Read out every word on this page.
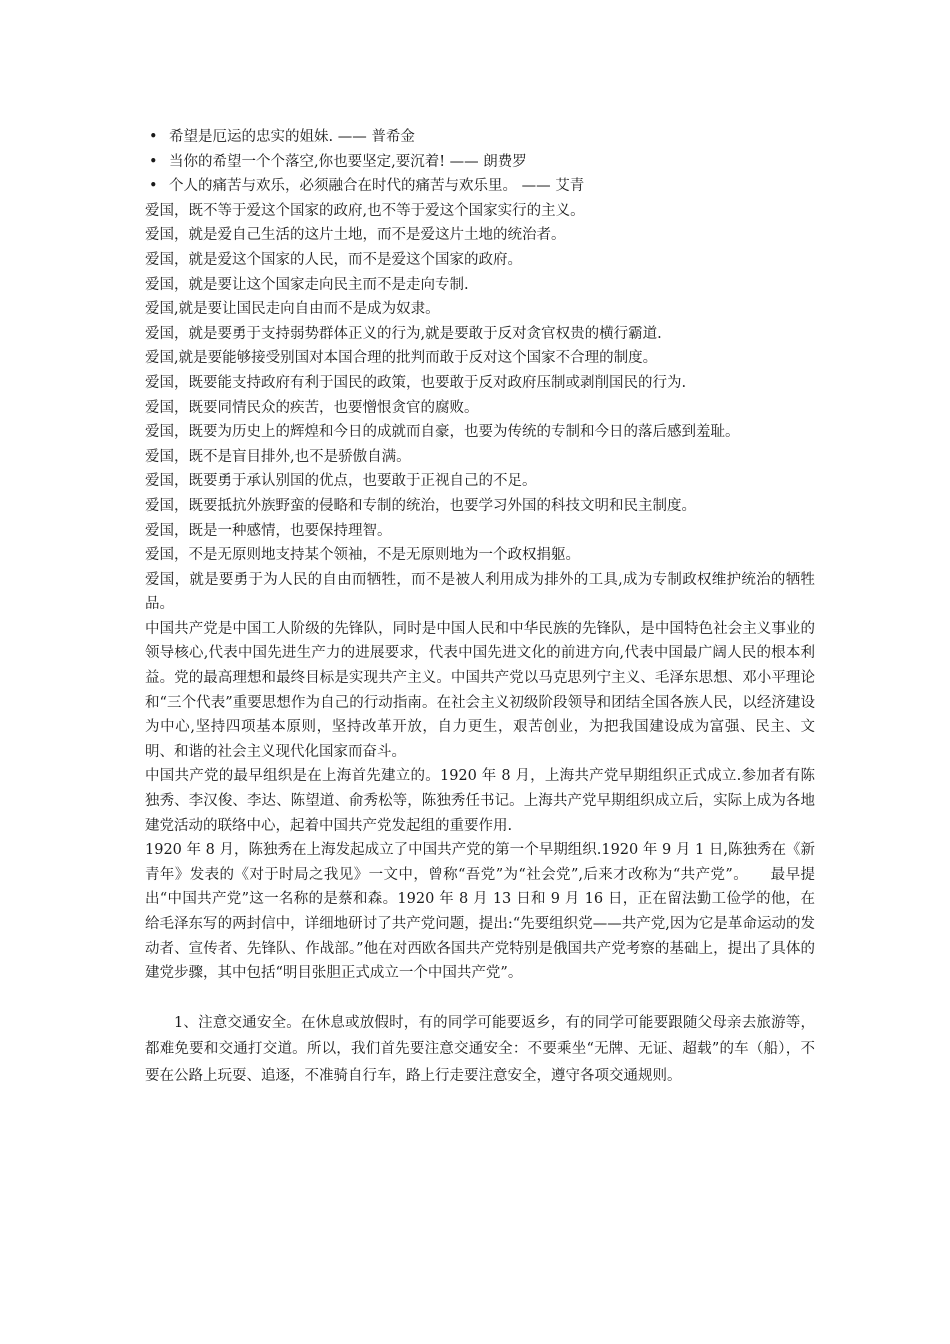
• 希望是厄运的忠实的姐妹. —— 普希金
• 当你的希望一个个落空,你也要坚定,要沉着! —— 朗费罗
• 个人的痛苦与欢乐，必须融合在时代的痛苦与欢乐里。 —— 艾青

爱国，既不等于爱这个国家的政府,也不等于爱这个国家实行的主义。

爱国，就是爱自己生活的这片土地，而不是爱这片土地的统治者。

爱国，就是爱这个国家的人民，而不是爱这个国家的政府。

爱国，就是要让这个国家走向民主而不是走向专制.

爱国,就是要让国民走向自由而不是成为奴隶。

爱国，就是要勇于支持弱势群体正义的行为,就是要敢于反对贪官权贵的横行霸道.

爱国,就是要能够接受别国对本国合理的批判而敢于反对这个国家不合理的制度。

爱国，既要能支持政府有利于国民的政策，也要敢于反对政府压制或剥削国民的行为.

爱国，既要同情民众的疾苦，也要憎恨贪官的腐败。

爱国，既要为历史上的辉煌和今日的成就而自豪，也要为传统的专制和今日的落后感到羞耻。

爱国，既不是盲目排外,也不是骄傲自满。

爱国，既要勇于承认别国的优点，也要敢于正视自己的不足。

爱国，既要抵抗外族野蛮的侵略和专制的统治，也要学习外国的科技文明和民主制度。

爱国，既是一种感情，也要保持理智。

爱国，不是无原则地支持某个领袖，不是无原则地为一个政权捐躯。

爱国，就是要勇于为人民的自由而牺牲，而不是被人利用成为排外的工具,成为专制政权维护统治的牺牲品。

中国共产党是中国工人阶级的先锋队，同时是中国人民和中华民族的先锋队，是中国特色社会主义事业的领导核心,代表中国先进生产力的进展要求，代表中国先进文化的前进方向,代表中国最广阔人民的根本利益。党的最高理想和最终目标是实现共产主义。中国共产党以马克思列宁主义、毛泽东思想、邓小平理论和“三个代表”重要思想作为自己的行动指南。在社会主义初级阶段领导和团结全国各族人民，以经济建设为中心,坚持四项基本原则，坚持改革开放，自力更生，艰苦创业，为把我国建设成为富强、民主、文明、和谐的社会主义现代化国家而奋斗。

中国共产党的最早组织是在上海首先建立的。1920 年 8 月，上海共产党早期组织正式成立.参加者有陈独秀、李汉俊、李达、陈望道、俞秀松等，陈独秀任书记。上海共产党早期组织成立后，实际上成为各地建党活动的联络中心，起着中国共产党发起组的重要作用.

1920 年 8 月，陈独秀在上海发起成立了中国共产党的第一个早期组织.1920 年 9 月 1 日,陈独秀在《新青年》发表的《对于时局之我见》一文中，曾称“吾党”为“社会党”,后来才改称为“共产党”。　　最早提出“中国共产党”这一名称的是蔡和森。1920 年 8 月 13 日和 9 月 16 日，正在留法勤工俭学的他，在给毛泽东写的两封信中，详细地研讨了共产党问题，提出:“先要组织党——共产党,因为它是革命运动的发动者、宣传者、先锋队、作战部。”他在对西欧各国共产党特别是俄国共产党考察的基础上，提出了具体的建党步骤，其中包括“明目张胆正式成立一个中国共产党”。

1、注意交通安全。在休息或放假时，有的同学可能要返乡，有的同学可能要跟随父母亲去旅游等，都难免要和交通打交道。所以，我们首先要注意交通安全：不要乘坐“无牌、无证、超载”的车（船），不要在公路上玩耍、追逐，不准骑自行车，路上行走要注意安全，遵守各项交通规则。
